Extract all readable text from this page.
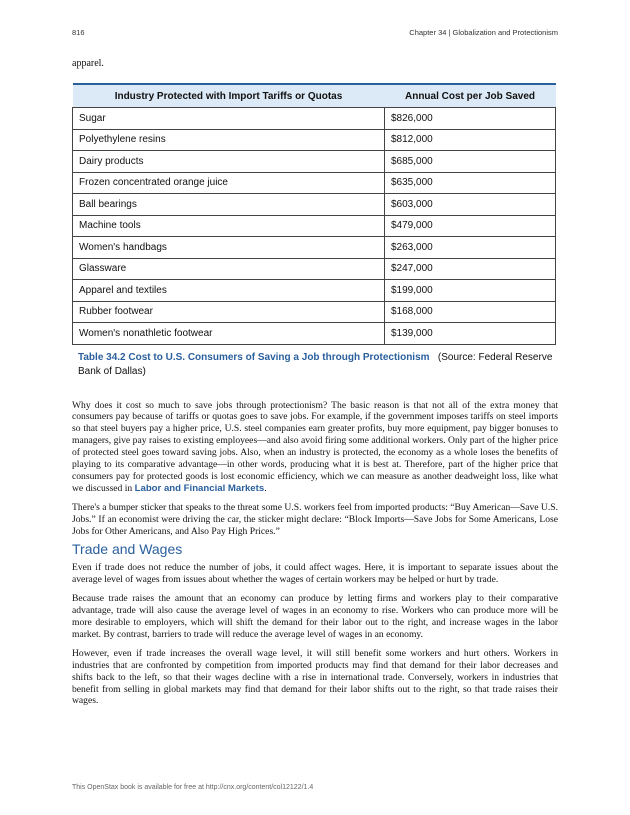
816	Chapter 34 | Globalization and Protectionism

apparel.

Industry Protected with Import Tariffs or Quotas	Annual Cost per Job Saved
Sugar	$826,000
Polyethylene resins	$812,000
Dairy products	$685,000
Frozen concentrated orange juice	$635,000
Ball bearings	$603,000
Machine tools	$479,000
Women's handbags	$263,000
Glassware	$247,000
Apparel and textiles	$199,000
Rubber footwear	$168,000
Women's nonathletic footwear	$139,000
Table 34.2 Cost to U.S. Consumers of Saving a Job through Protectionism (Source: Federal Reserve Bank of Dallas)

Why does it cost so much to save jobs through protectionism? The basic reason is that not all of the extra money that consumers pay because of tariffs or quotas goes to save jobs. For example, if the government imposes tariffs on steel imports so that steel buyers pay a higher price, U.S. steel companies earn greater profits, buy more equipment, pay bigger bonuses to managers, give pay raises to existing employees—and also avoid firing some additional workers. Only part of the higher price of protected steel goes toward saving jobs. Also, when an industry is protected, the economy as a whole loses the benefits of playing to its comparative advantage—in other words, producing what it is best at. Therefore, part of the higher price that consumers pay for protected goods is lost economic efficiency, which we can measure as another deadweight loss, like what we discussed in Labor and Financial Markets.

There's a bumper sticker that speaks to the threat some U.S. workers feel from imported products: “Buy American—Save U.S. Jobs.” If an economist were driving the car, the sticker might declare: “Block Imports—Save Jobs for Some Americans, Lose Jobs for Other Americans, and Also Pay High Prices.”

Trade and Wages

Even if trade does not reduce the number of jobs, it could affect wages. Here, it is important to separate issues about the average level of wages from issues about whether the wages of certain workers may be helped or hurt by trade.

Because trade raises the amount that an economy can produce by letting firms and workers play to their comparative advantage, trade will also cause the average level of wages in an economy to rise. Workers who can produce more will be more desirable to employers, which will shift the demand for their labor out to the right, and increase wages in the labor market. By contrast, barriers to trade will reduce the average level of wages in an economy.

However, even if trade increases the overall wage level, it will still benefit some workers and hurt others. Workers in industries that are confronted by competition from imported products may find that demand for their labor decreases and shifts back to the left, so that their wages decline with a rise in international trade. Conversely, workers in industries that benefit from selling in global markets may find that demand for their labor shifts out to the right, so that trade raises their wages.

This OpenStax book is available for free at http://cnx.org/content/col12122/1.4
